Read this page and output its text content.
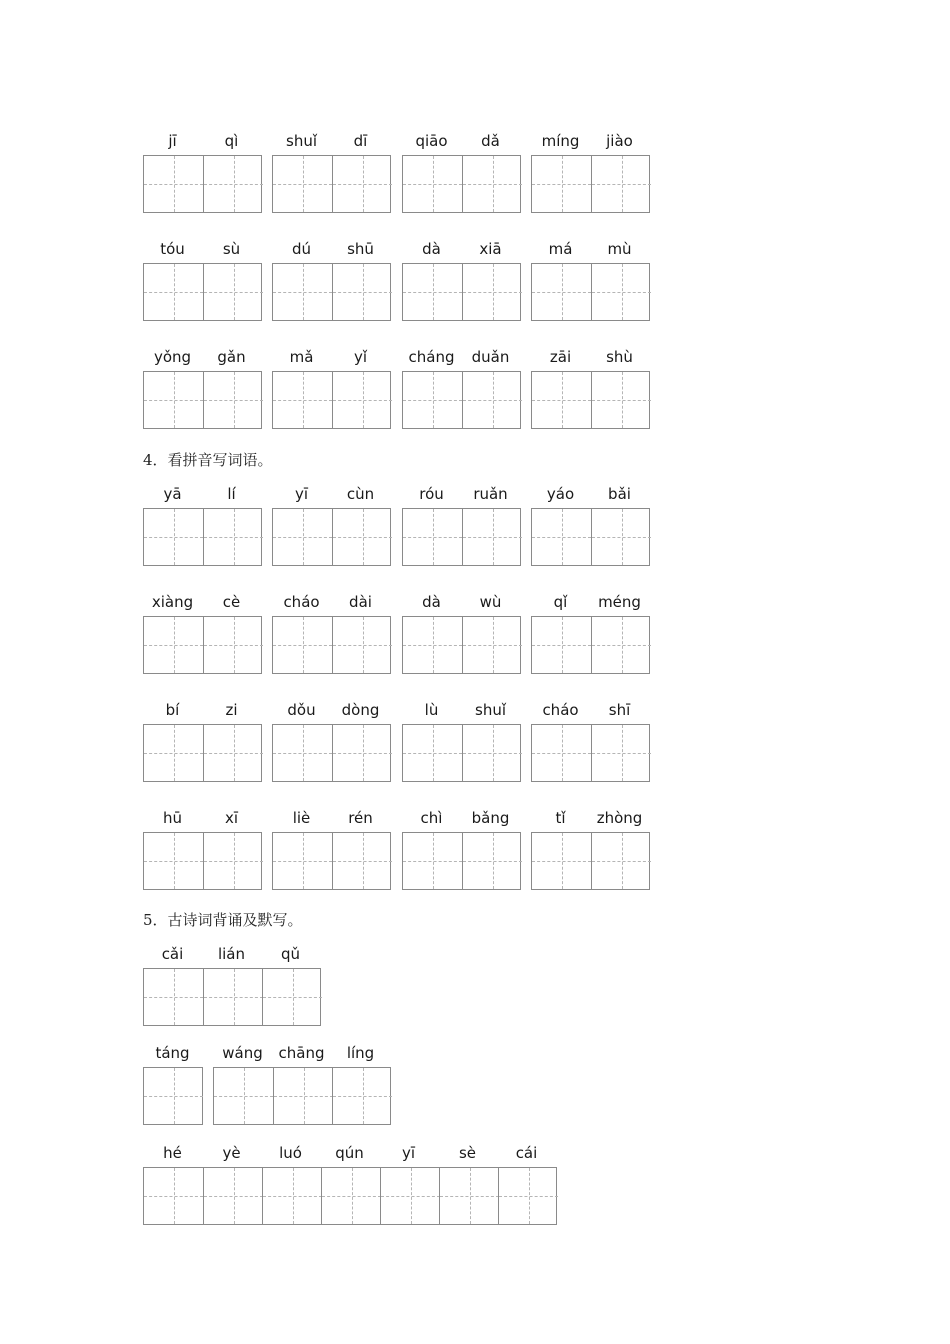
4．看拼音写词语。
5．古诗词背诵及默写。
jī	qì	shuǐ	dī	qiāo	dǎ	míng	jiào
tóu	sù	dú	shū	dà	xiā	má	mù
yǒng	gǎn	mǎ	yǐ	cháng	duǎn	zāi	shù
yā	lí	yī	cùn	róu	ruǎn	yáo	bǎi
xiàng	cè	cháo	dài	dà	wù	qǐ	méng
bí	zi	dǒu	dòng	lù	shuǐ	cháo	shī
hū	xī	liè	rén	chì	bǎng	tǐ	zhòng
cǎi	lián	qǔ
táng	wáng	chāng	líng
hé	yè	luó	qún	yī	sè	cái
